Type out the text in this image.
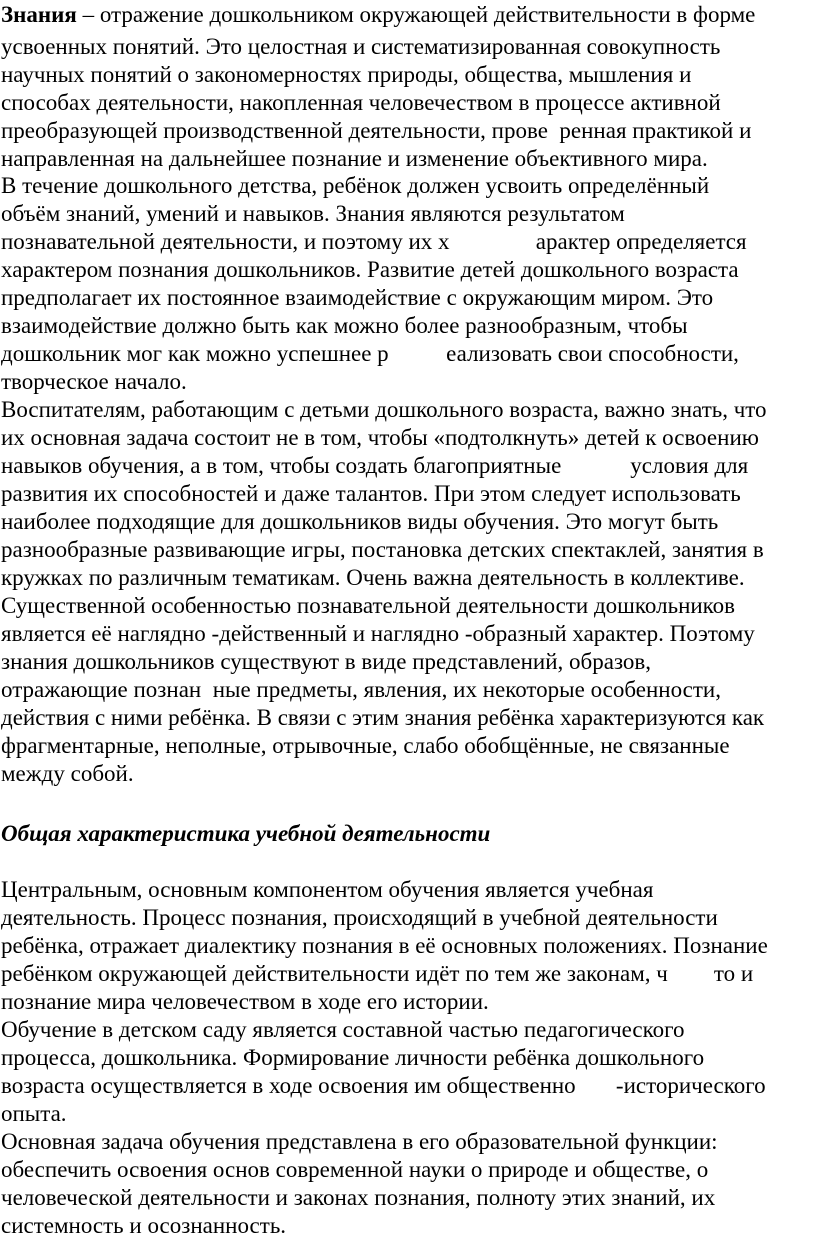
Знания – отражение дошкольником окружающей действительности в форме
усвоенных понятий. Это целостная и систематизированная совокупность
научных понятий о закономерностях природы, общества, мышления и
способах деятельности, накопленная человечеством в процессе активной
преобразующей производственной деятельности, прове  ренная практикой и
направленная на дальнейшее познание и изменение объективного мира.
В течение дошкольного детства, ребёнок должен усвоить определённый
объём знаний, умений и навыков. Знания являются результатом
познавательной деятельности, и поэтому их х               арактер определяется
характером познания дошкольников. Развитие детей дошкольного возраста
предполагает их постоянное взаимодействие с окружающим миром. Это
взаимодействие должно быть как можно более разнообразным, чтобы
дошкольник мог как можно успешнее р          еализовать свои способности,
творческое начало.
Воспитателям, работающим с детьми дошкольного возраста, важно знать, что
их основная задача состоит не в том, чтобы «подтолкнуть» детей к освоению
навыков обучения, а в том, чтобы создать благоприятные            условия для
развития их способностей и даже талантов. При этом следует использовать
наиболее подходящие для дошкольников виды обучения. Это могут быть
разнообразные развивающие игры, постановка детских спектаклей, занятия в
кружках по различным тематикам. Очень важна деятельность в коллективе.
Существенной особенностью познавательной деятельности дошкольников
является её наглядно -действенный и наглядно -образный характер. Поэтому
знания дошкольников существуют в виде представлений, образов,
отражающие познан  ные предметы, явления, их некоторые особенности,
действия с ними ребёнка. В связи с этим знания ребёнка характеризуются как
фрагментарные, неполные, отрывочные, слабо обобщённые, не связанные
между собой.
Общая характеристика учебной деятельности
Центральным, основным компонентом обучения является учебная
деятельность. Процесс познания, происходящий в учебной деятельности
ребёнка, отражает диалектику познания в её основных положениях. Познание
ребёнком окружающей действительности идёт по тем же законам, ч        то и
познание мира человечеством в ходе его истории.
Обучение в детском саду является составной частью педагогического
процесса, дошкольника. Формирование личности ребёнка дошкольного
возраста осуществляется в ходе освоения им общественно       -исторического
опыта.
Основная задача обучения представлена в его образовательной функции:
обеспечить освоения основ современной науки о природе и обществе, о
человеческой деятельности и законах познания, полноту этих знаний, их
системность и осознанность.
